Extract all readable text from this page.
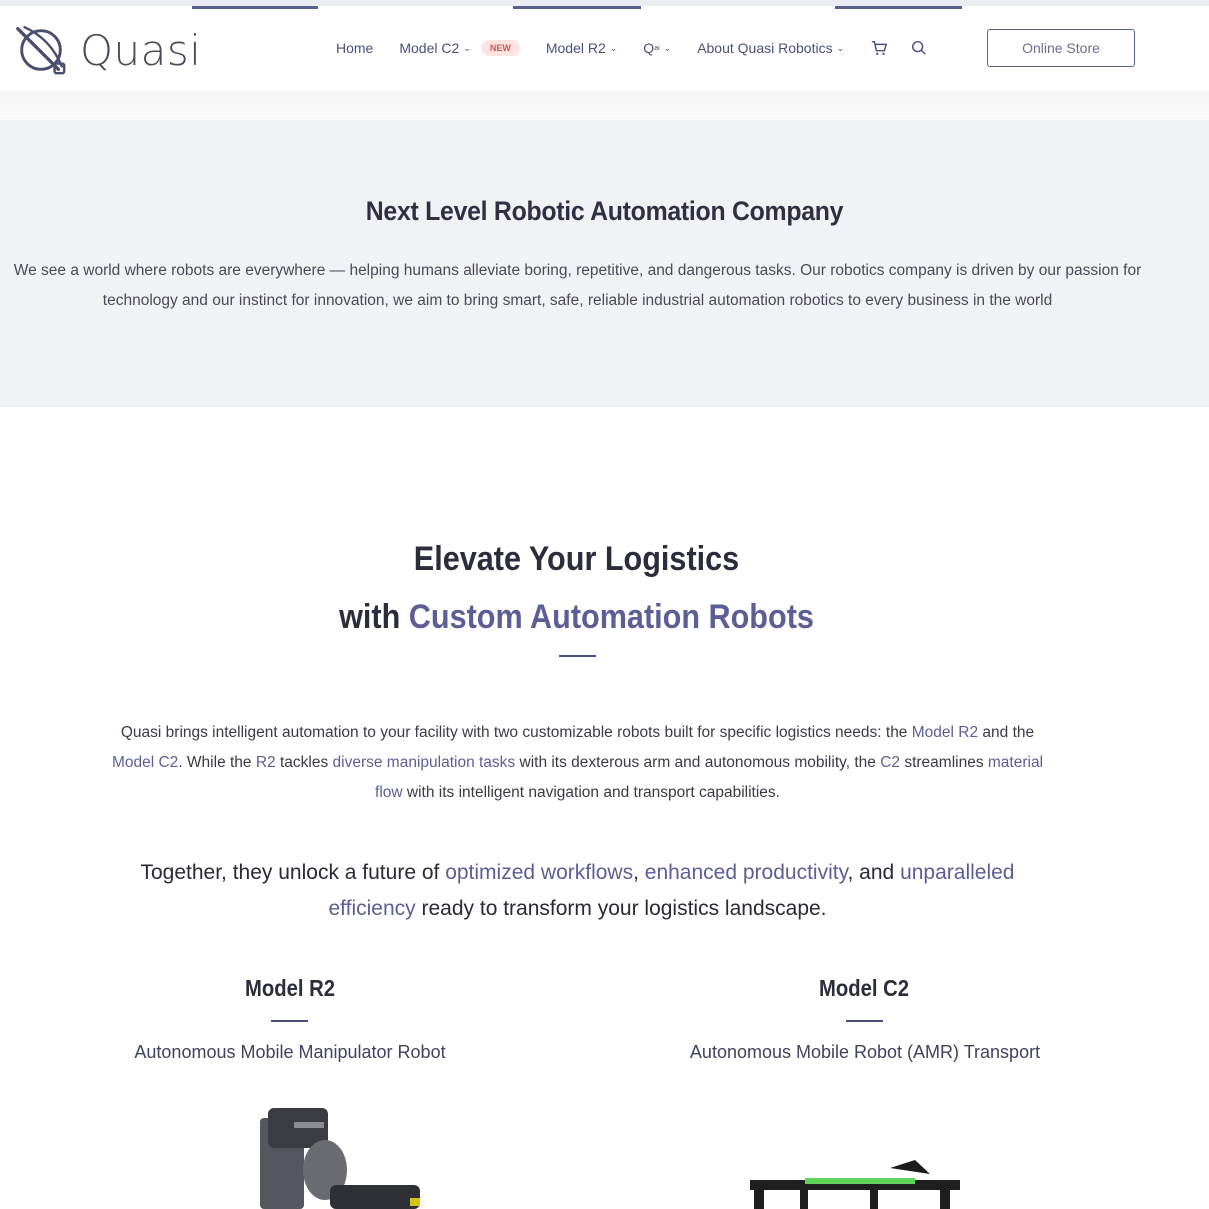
Quasi	Home Model C2 ⌄	NEW	Model R2 ⌄ Q ai ⌄ About Quasi Robotics ⌄	Online Store
Next Level Robotic Automation Company

We see a world where robots are everywhere — helping humans alleviate boring, repetitive, and dangerous tasks. Our robotics company is driven by our passion for technology and our instinct for innovation, we aim to bring smart, safe, reliable industrial automation robotics to every business in the world

Elevate Your Logistics
with Custom Automation Robots

Quasi brings intelligent automation to your facility with two customizable robots built for specific logistics needs: the Model R2 and the Model C2. While the R2 tackles diverse manipulation tasks with its dexterous arm and autonomous mobility, the C2 streamlines material flow with its intelligent navigation and transport capabilities.

Together, they unlock a future of optimized workflows, enhanced productivity, and unparalleled efficiency ready to transform your logistics landscape.

Model R2
Autonomous Mobile Manipulator Robot
Model C2
Autonomous Mobile Robot (AMR) Transport
